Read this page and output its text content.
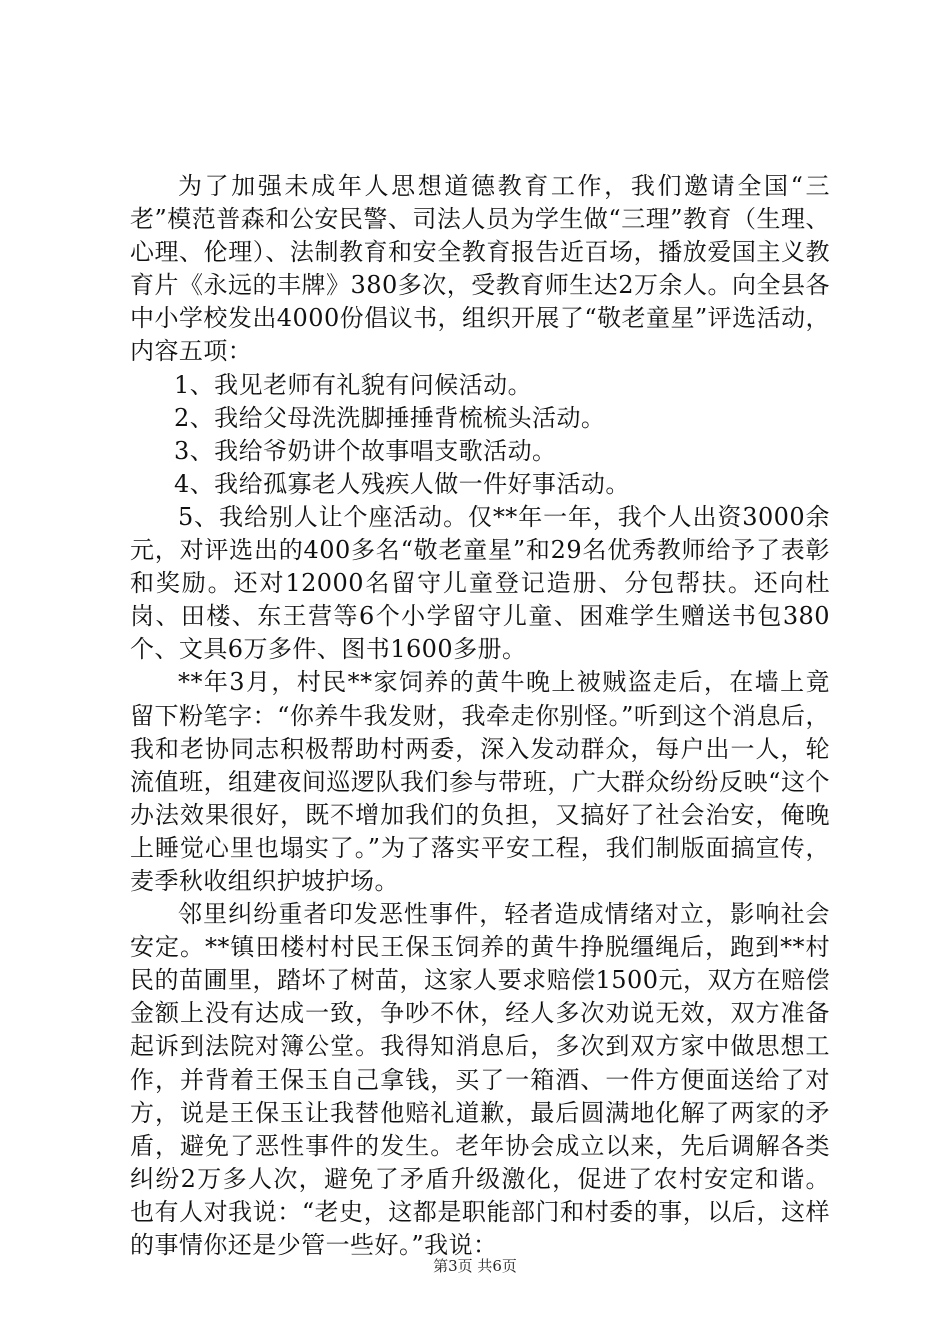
为了加强未成年人思想道德教育工作，我们邀请全国“三老”模范普森和公安民警、司法人员为学生做“三理”教育（生理、心理、伦理）、法制教育和安全教育报告近百场，播放爱国主义教育片《永远的丰牌》380多次，受教育师生达2万余人。向全县各中小学校发出4000份倡议书，组织开展了“敬老童星”评选活动，内容五项：

1、我见老师有礼貌有问候活动。

2、我给父母洗洗脚捶捶背梳梳头活动。

3、我给爷奶讲个故事唱支歌活动。

4、我给孤寡老人残疾人做一件好事活动。

5、我给别人让个座活动。仅**年一年，我个人出资3000余元，对评选出的400多名“敬老童星”和29名优秀教师给予了表彰和奖励。还对12000名留守儿童登记造册、分包帮扶。还向杜岗、田楼、东王营等6个小学留守儿童、困难学生赠送书包380个、文具6万多件、图书1600多册。

**年3月，村民**家饲养的黄牛晚上被贼盗走后，在墙上竟留下粉笔字：“你养牛我发财，我牵走你别怪。”听到这个消息后，我和老协同志积极帮助村两委，深入发动群众，每户出一人，轮流值班，组建夜间巡逻队我们参与带班，广大群众纷纷反映“这个办法效果很好，既不增加我们的负担，又搞好了社会治安，俺晚上睡觉心里也塌实了。”为了落实平安工程，我们制版面搞宣传，麦季秋收组织护坡护场。

邻里纠纷重者印发恶性事件，轻者造成情绪对立，影响社会安定。**镇田楼村村民王保玉饲养的黄牛挣脱缰绳后，跑到**村民的苗圃里，踏坏了树苗，这家人要求赔偿1500元，双方在赔偿金额上没有达成一致，争吵不休，经人多次劝说无效，双方准备起诉到法院对簿公堂。我得知消息后，多次到双方家中做思想工作，并背着王保玉自己拿钱，买了一箱酒、一件方便面送给了对方，说是王保玉让我替他赔礼道歉，最后圆满地化解了两家的矛盾，避免了恶性事件的发生。老年协会成立以来，先后调解各类纠纷2万多人次，避免了矛盾升级激化，促进了农村安定和谐。也有人对我说：“老史，这都是职能部门和村委的事，以后，这样的事情你还是少管一些好。”我说：

第3页 共6页
